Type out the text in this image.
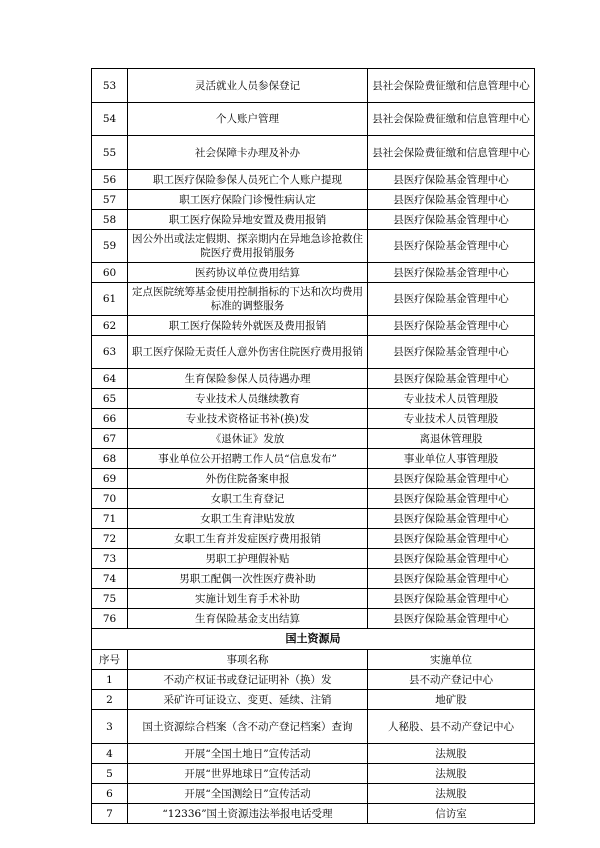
53	灵活就业人员参保登记	县社会保险费征缴和信息管理中心
54	个人账户管理	县社会保险费征缴和信息管理中心
55	社会保障卡办理及补办	县社会保险费征缴和信息管理中心
56	职工医疗保险参保人员死亡个人账户提现	县医疗保险基金管理中心
57	职工医疗保险门诊慢性病认定	县医疗保险基金管理中心
58	职工医疗保险异地安置及费用报销	县医疗保险基金管理中心
59	因公外出或法定假期、探亲期内在异地急诊抢救住院医疗费用报销服务	县医疗保险基金管理中心
60	医药协议单位费用结算	县医疗保险基金管理中心
61	定点医院统筹基金使用控制指标的下达和次均费用标准的调整服务	县医疗保险基金管理中心
62	职工医疗保险转外就医及费用报销	县医疗保险基金管理中心
63	职工医疗保险无责任人意外伤害住院医疗费用报销	县医疗保险基金管理中心
64	生育保险参保人员待遇办理	县医疗保险基金管理中心
65	专业技术人员继续教育	专业技术人员管理股
66	专业技术资格证书补(换)发	专业技术人员管理股
67	《退休证》发放	离退休管理股
68	事业单位公开招聘工作人员“信息发布”	事业单位人事管理股
69	外伤住院备案申报	县医疗保险基金管理中心
70	女职工生育登记	县医疗保险基金管理中心
71	女职工生育津贴发放	县医疗保险基金管理中心
72	女职工生育并发症医疗费用报销	县医疗保险基金管理中心
73	男职工护理假补贴	县医疗保险基金管理中心
74	男职工配偶一次性医疗费补助	县医疗保险基金管理中心
75	实施计划生育手术补助	县医疗保险基金管理中心
76	生育保险基金支出结算	县医疗保险基金管理中心
国土资源局		
序号	事项名称	实施单位
1	不动产权证书或登记证明补（换）发	县不动产登记中心
2	采矿许可证设立、变更、延续、注销	地矿股
3	国土资源综合档案（含不动产登记档案）查询	人秘股、县不动产登记中心
4	开展“全国土地日”宣传活动	法规股
5	开展“世界地球日”宣传活动	法规股
6	开展“全国测绘日”宣传活动	法规股
7	“12336”国土资源违法举报电话受理	信访室
